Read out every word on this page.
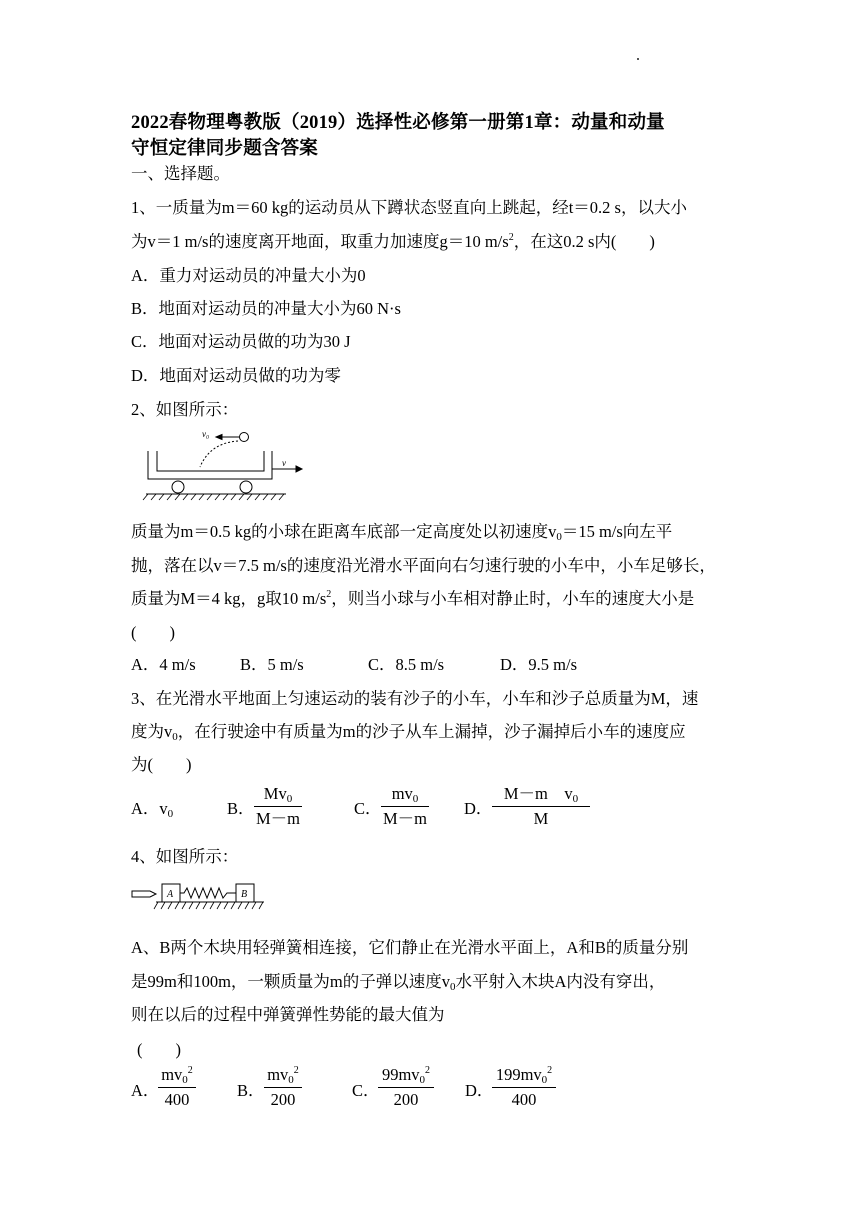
2022春物理粤教版（2019）选择性必修第一册第1章：动量和动量
守恒定律同步题含答案
一、选择题。
1、一质量为m＝60 kg的运动员从下蹲状态竖直向上跳起，经t＝0.2 s，以大小
为v＝1 m/s的速度离开地面，取重力加速度g＝10 $m/s^2$，在这0.2 s内(　　)
A．重力对运动员的冲量大小为0
B．地面对运动员的冲量大小为60 N·s
C．地面对运动员做的功为30 J
D．地面对运动员做的功为零
2、如图所示：
v₀
v
质量为m＝0.5 kg的小球在距离车底部一定高度处以初速度$v_0=15$ m/s向左平
抛，落在以v＝7.5 m/s的速度沿光滑水平面向右匀速行驶的小车中，小车足够长，
质量为M＝4 kg，g取10 $m/s^2$，则当小球与小车相对静止时，小车的速度大小是
(　　)
A．4 m/s	B．5 m/s	C．8.5 m/s	D．9.5 m/s
3、在光滑水平地面上匀速运动的装有沙子的小车，小车和沙子总质量为M，速
度为$v_0$，在行驶途中有质量为m的沙子从车上漏掉，沙子漏掉后小车的速度应
为(　　)
A．$v_0$	B． $\frac{Mv_0}{M-m}$	C． $\frac{mv_0}{M-m}$ D． $\frac{M-m v_0}{M}$
4、如图所示：
A	B
A、B两个木块用轻弹簧相连接，它们静止在光滑水平面上，A和B的质量分别
是99m和100m，一颗质量为m的子弹以速度$v_0$水平射入木块A内没有穿出，
则在以后的过程中弹簧弹性势能的最大值为
(　　)
A．
$\frac{mv_0^2}{400}$ B． $\frac{mv_0^2}{200}$	C．
$\frac{99mv_0^2}{200}$ D．
$\frac{199mv_0^2}{400}$
